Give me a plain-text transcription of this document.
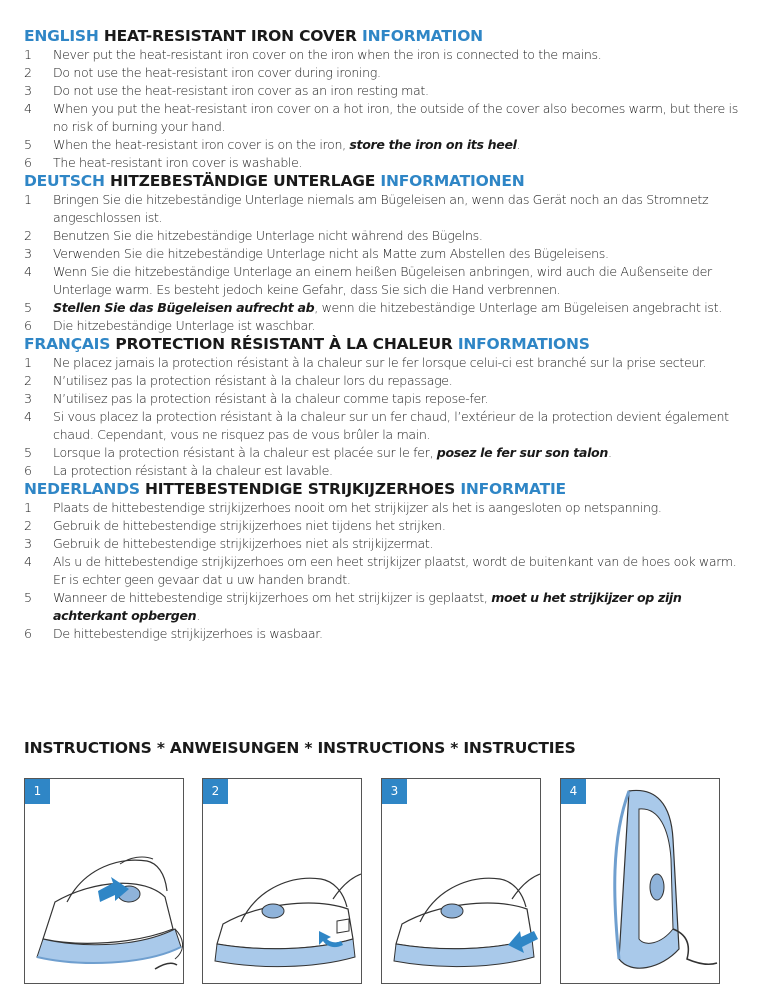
ENGLISH HEAT-RESISTANT IRON COVER INFORMATION
1	Never put the heat-resistant iron cover on the iron when the iron is connected to the mains.
2	Do not use the heat-resistant iron cover during ironing.
3	Do not use the heat-resistant iron cover as an iron resting mat.
4	When you put the heat-resistant iron cover on a hot iron, the outside of the cover also becomes warm, but there is no risk of burning your hand.
5	When the heat-resistant iron cover is on the iron, store the iron on its heel.
6	The heat-resistant iron cover is washable.
DEUTSCH HITZEBESTÄNDIGE UNTERLAGE INFORMATIONEN
1	Bringen Sie die hitzebeständige Unterlage niemals am Bügeleisen an, wenn das Gerät noch an das Stromnetz angeschlossen ist.
2	Benutzen Sie die hitzebeständige Unterlage nicht während des Bügelns.
3	Verwenden Sie die hitzebeständige Unterlage nicht als Matte zum Abstellen des Bügeleisens.
4	Wenn Sie die hitzebeständige Unterlage an einem heißen Bügeleisen anbringen, wird auch die Außenseite der Unterlage warm. Es besteht jedoch keine Gefahr, dass Sie sich die Hand verbrennen.
5	Stellen Sie das Bügeleisen aufrecht ab, wenn die hitzebeständige Unterlage am Bügeleisen angebracht ist.
6	Die hitzebeständige Unterlage ist waschbar.
FRANÇAIS PROTECTION RÉSISTANT À LA CHALEUR INFORMATIONS
1	Ne placez jamais la protection résistant à la chaleur sur le fer lorsque celui-ci est branché sur la prise secteur.
2	N’utilisez pas la protection résistant à la chaleur lors du repassage.
3	N’utilisez pas la protection résistant à la chaleur comme tapis repose-fer.
4	Si vous placez la protection résistant à la chaleur sur un fer chaud, l’extérieur de la protection devient également chaud. Cependant, vous ne risquez pas de vous brûler la main.
5	Lorsque la protection résistant à la chaleur est placée sur le fer, posez le fer sur son talon.
6	La protection résistant à la chaleur est lavable.
NEDERLANDS HITTEBESTENDIGE STRIJKIJZERHOES INFORMATIE
1	Plaats de hittebestendige strijkijzerhoes nooit om het strijkijzer als het is aangesloten op netspanning.
2	Gebruik de hittebestendige strijkijzerhoes niet tijdens het strijken.
3	Gebruik de hittebestendige strijkijzerhoes niet als strijkijzermat.
4	Als u de hittebestendige strijkijzerhoes om een heet strijkijzer plaatst, wordt de buitenkant van de hoes ook warm. Er is echter geen gevaar dat u uw handen brandt.
5	Wanneer de hittebestendige strijkijzerhoes om het strijkijzer is geplaatst, moet u het strijkijzer op zijn achterkant opbergen.
6	De hittebestendige strijkijzerhoes is wasbaar.
INSTRUCTIONS * ANWEISUNGEN * INSTRUCTIONS * INSTRUCTIES
1	2	3	4
